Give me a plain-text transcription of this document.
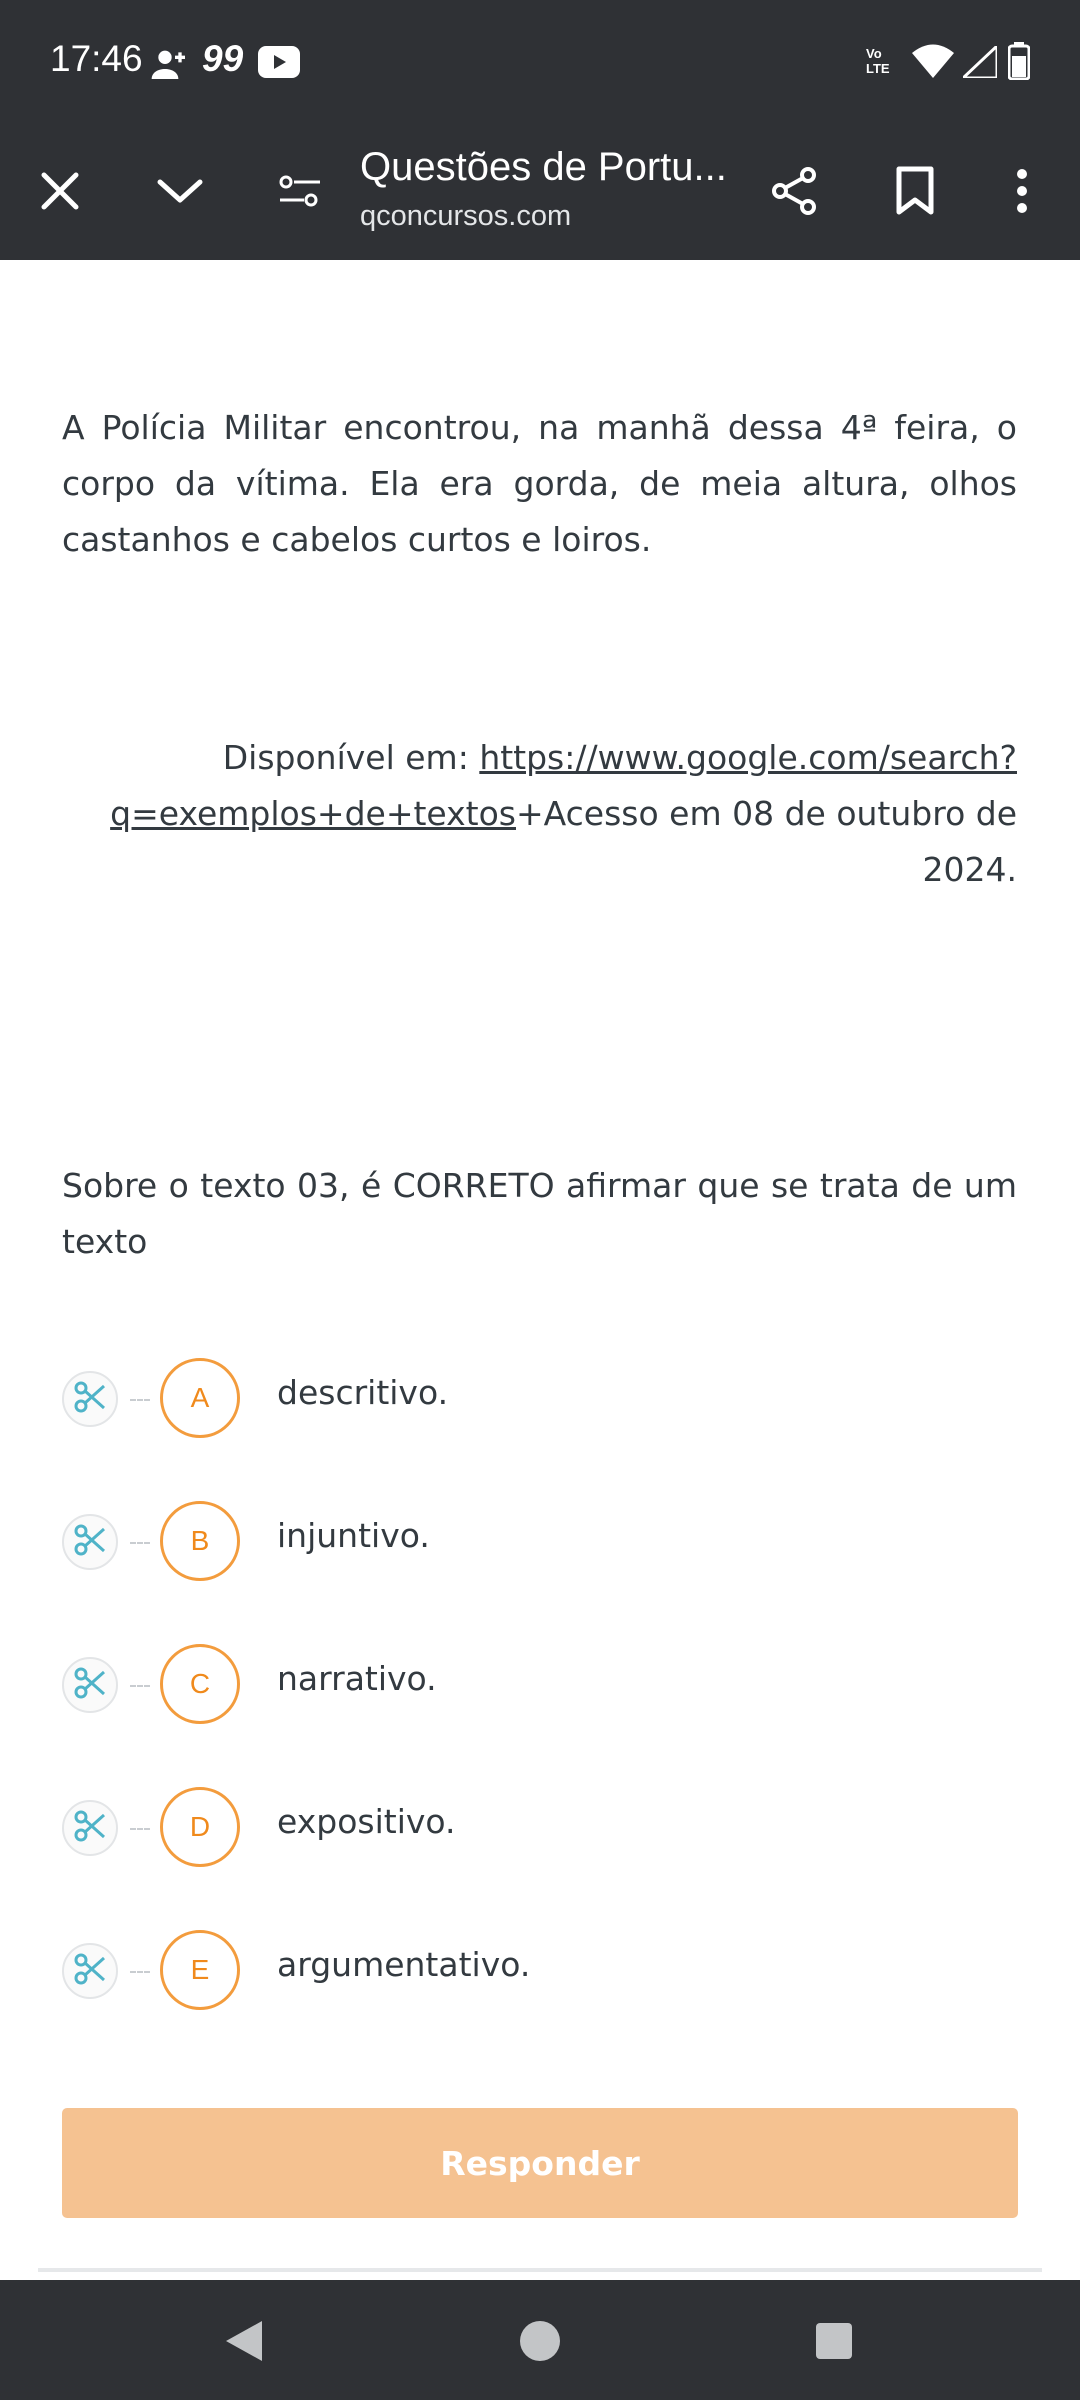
17:46 99	Vo LTE
Questões de Portu...
qconcursos.com

A Polícia Militar encontrou, na manhã dessa 4ª feira, o corpo da vítima. Ela era gorda, de meia altura, olhos castanhos e cabelos curtos e loiros.

Disponível em: https://www.google.com/search?q=exemplos+de+textos+Acesso em 08 de outubro de 2024.

Sobre o texto 03, é CORRETO afirmar que se trata de um texto

A	descritivo.
B	injuntivo.
C	narrativo.
D	expositivo.
E	argumentativo.
Responder
